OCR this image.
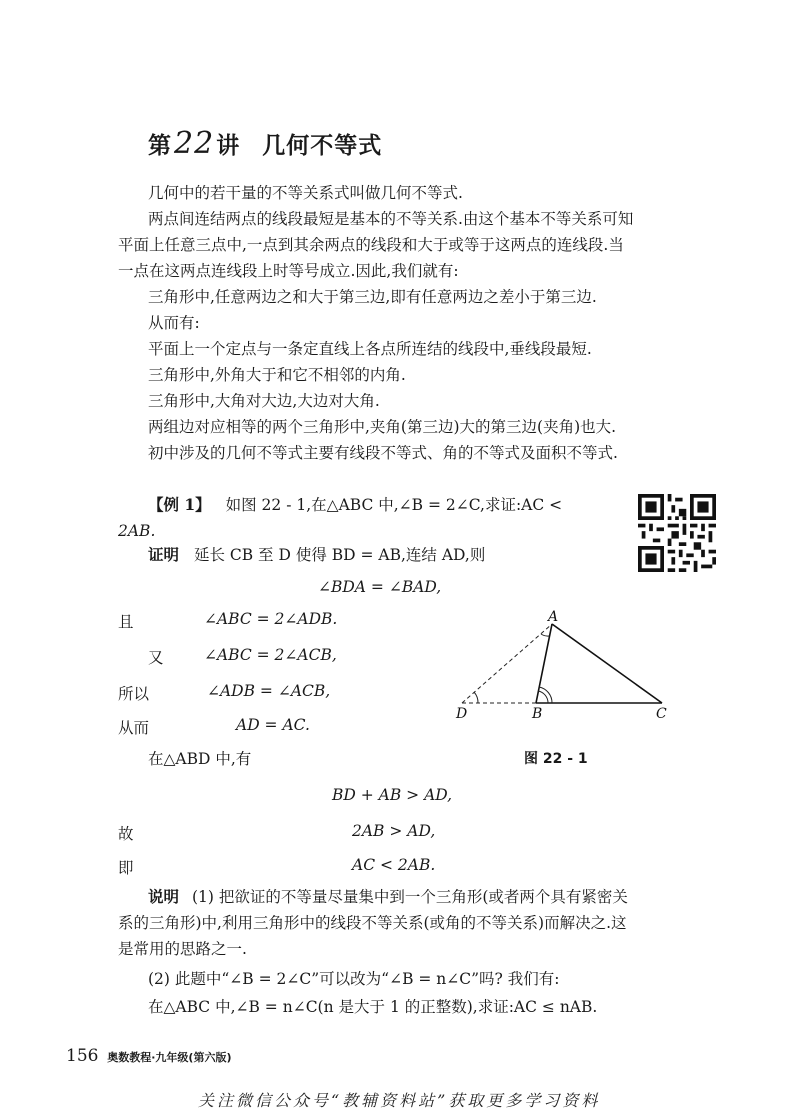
第22讲 几何不等式
几何中的若干量的不等关系式叫做几何不等式.
两点间连结两点的线段最短是基本的不等关系.由这个基本不等关系可知
平面上任意三点中,一点到其余两点的线段和大于或等于这两点的连线段.当
一点在这两点连线段上时等号成立.因此,我们就有:
三角形中,任意两边之和大于第三边,即有任意两边之差小于第三边.
从而有:
平面上一个定点与一条定直线上各点所连结的线段中,垂线段最短.
三角形中,外角大于和它不相邻的内角.
三角形中,大角对大边,大边对大角.
两组边对应相等的两个三角形中,夹角(第三边)大的第三边(夹角)也大.
初中涉及的几何不等式主要有线段不等式、角的不等式及面积不等式.
【例 1】 如图 22 - 1,在△ABC 中,∠B = 2∠C,求证:AC <
2AB.
证明 延长 CB 至 D 使得 BD = AB,连结 AD,则
∠BDA = ∠BAD,
且	∠ABC = 2∠ADB.
又	∠ABC = 2∠ACB,
所以	∠ADB = ∠ACB,
从而	AD = AC.
在△ABD 中,有
BD + AB > AD,
故	2AB > AD,
即	AC < 2AB.
A
B	C
D
图 22 - 1
说明 (1) 把欲证的不等量尽量集中到一个三角形(或者两个具有紧密关
系的三角形)中,利用三角形中的线段不等关系(或角的不等关系)而解决之.这
是常用的思路之一.
(2) 此题中“∠B = 2∠C”可以改为“∠B = n∠C”吗? 我们有:
在△ABC 中,∠B = n∠C(n 是大于 1 的正整数),求证:AC ≤ nAB.
156 奥数教程·九年级(第六版)
关注微信公众号“教辅资料站”获取更多学习资料
